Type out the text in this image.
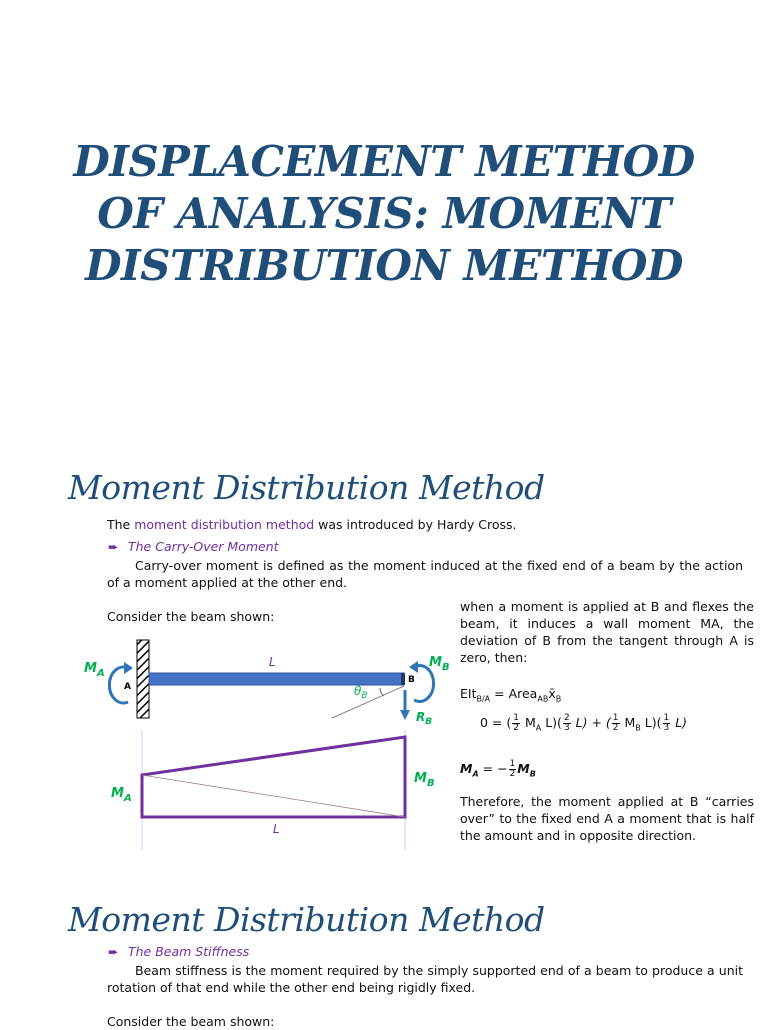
DISPLACEMENT METHOD
OF ANALYSIS: MOMENT
DISTRIBUTION METHOD
Moment Distribution Method
The moment distribution method was introduced by Hardy Cross.
➨ The Carry-Over Moment
Carry-over moment is defined as the moment induced at the fixed end of a beam by the action of a moment applied at the other end.
Consider the beam shown:
when a moment is applied at B and flexes the beam, it induces a wall moment MA, the deviation of B from the tangent through A is zero, then:
$EIt_{B/A} = Area_{AB}x̄_B$
0 = ( $\frac{1}{2} M_A$ $L)( \frac{2}{3} L)$ + ( $\frac{1}{2} M_B$ $L)( \frac{1}{3} L)$
$M_A$ = − $\frac{1}{2} M_B$
Therefore, the moment applied at B “carries over” to the fixed end A a moment that is half the amount and in opposite direction.
$M_A$
A
L
B
$M_B$
$\theta_B$
$R_B$
$M_A$
$M_B$
L
Moment Distribution Method
➨ The Beam Stiffness
Beam stiffness is the moment required by the simply supported end of a beam to produce a unit rotation of that end while the other end being rigidly fixed.
Consider the beam shown:
